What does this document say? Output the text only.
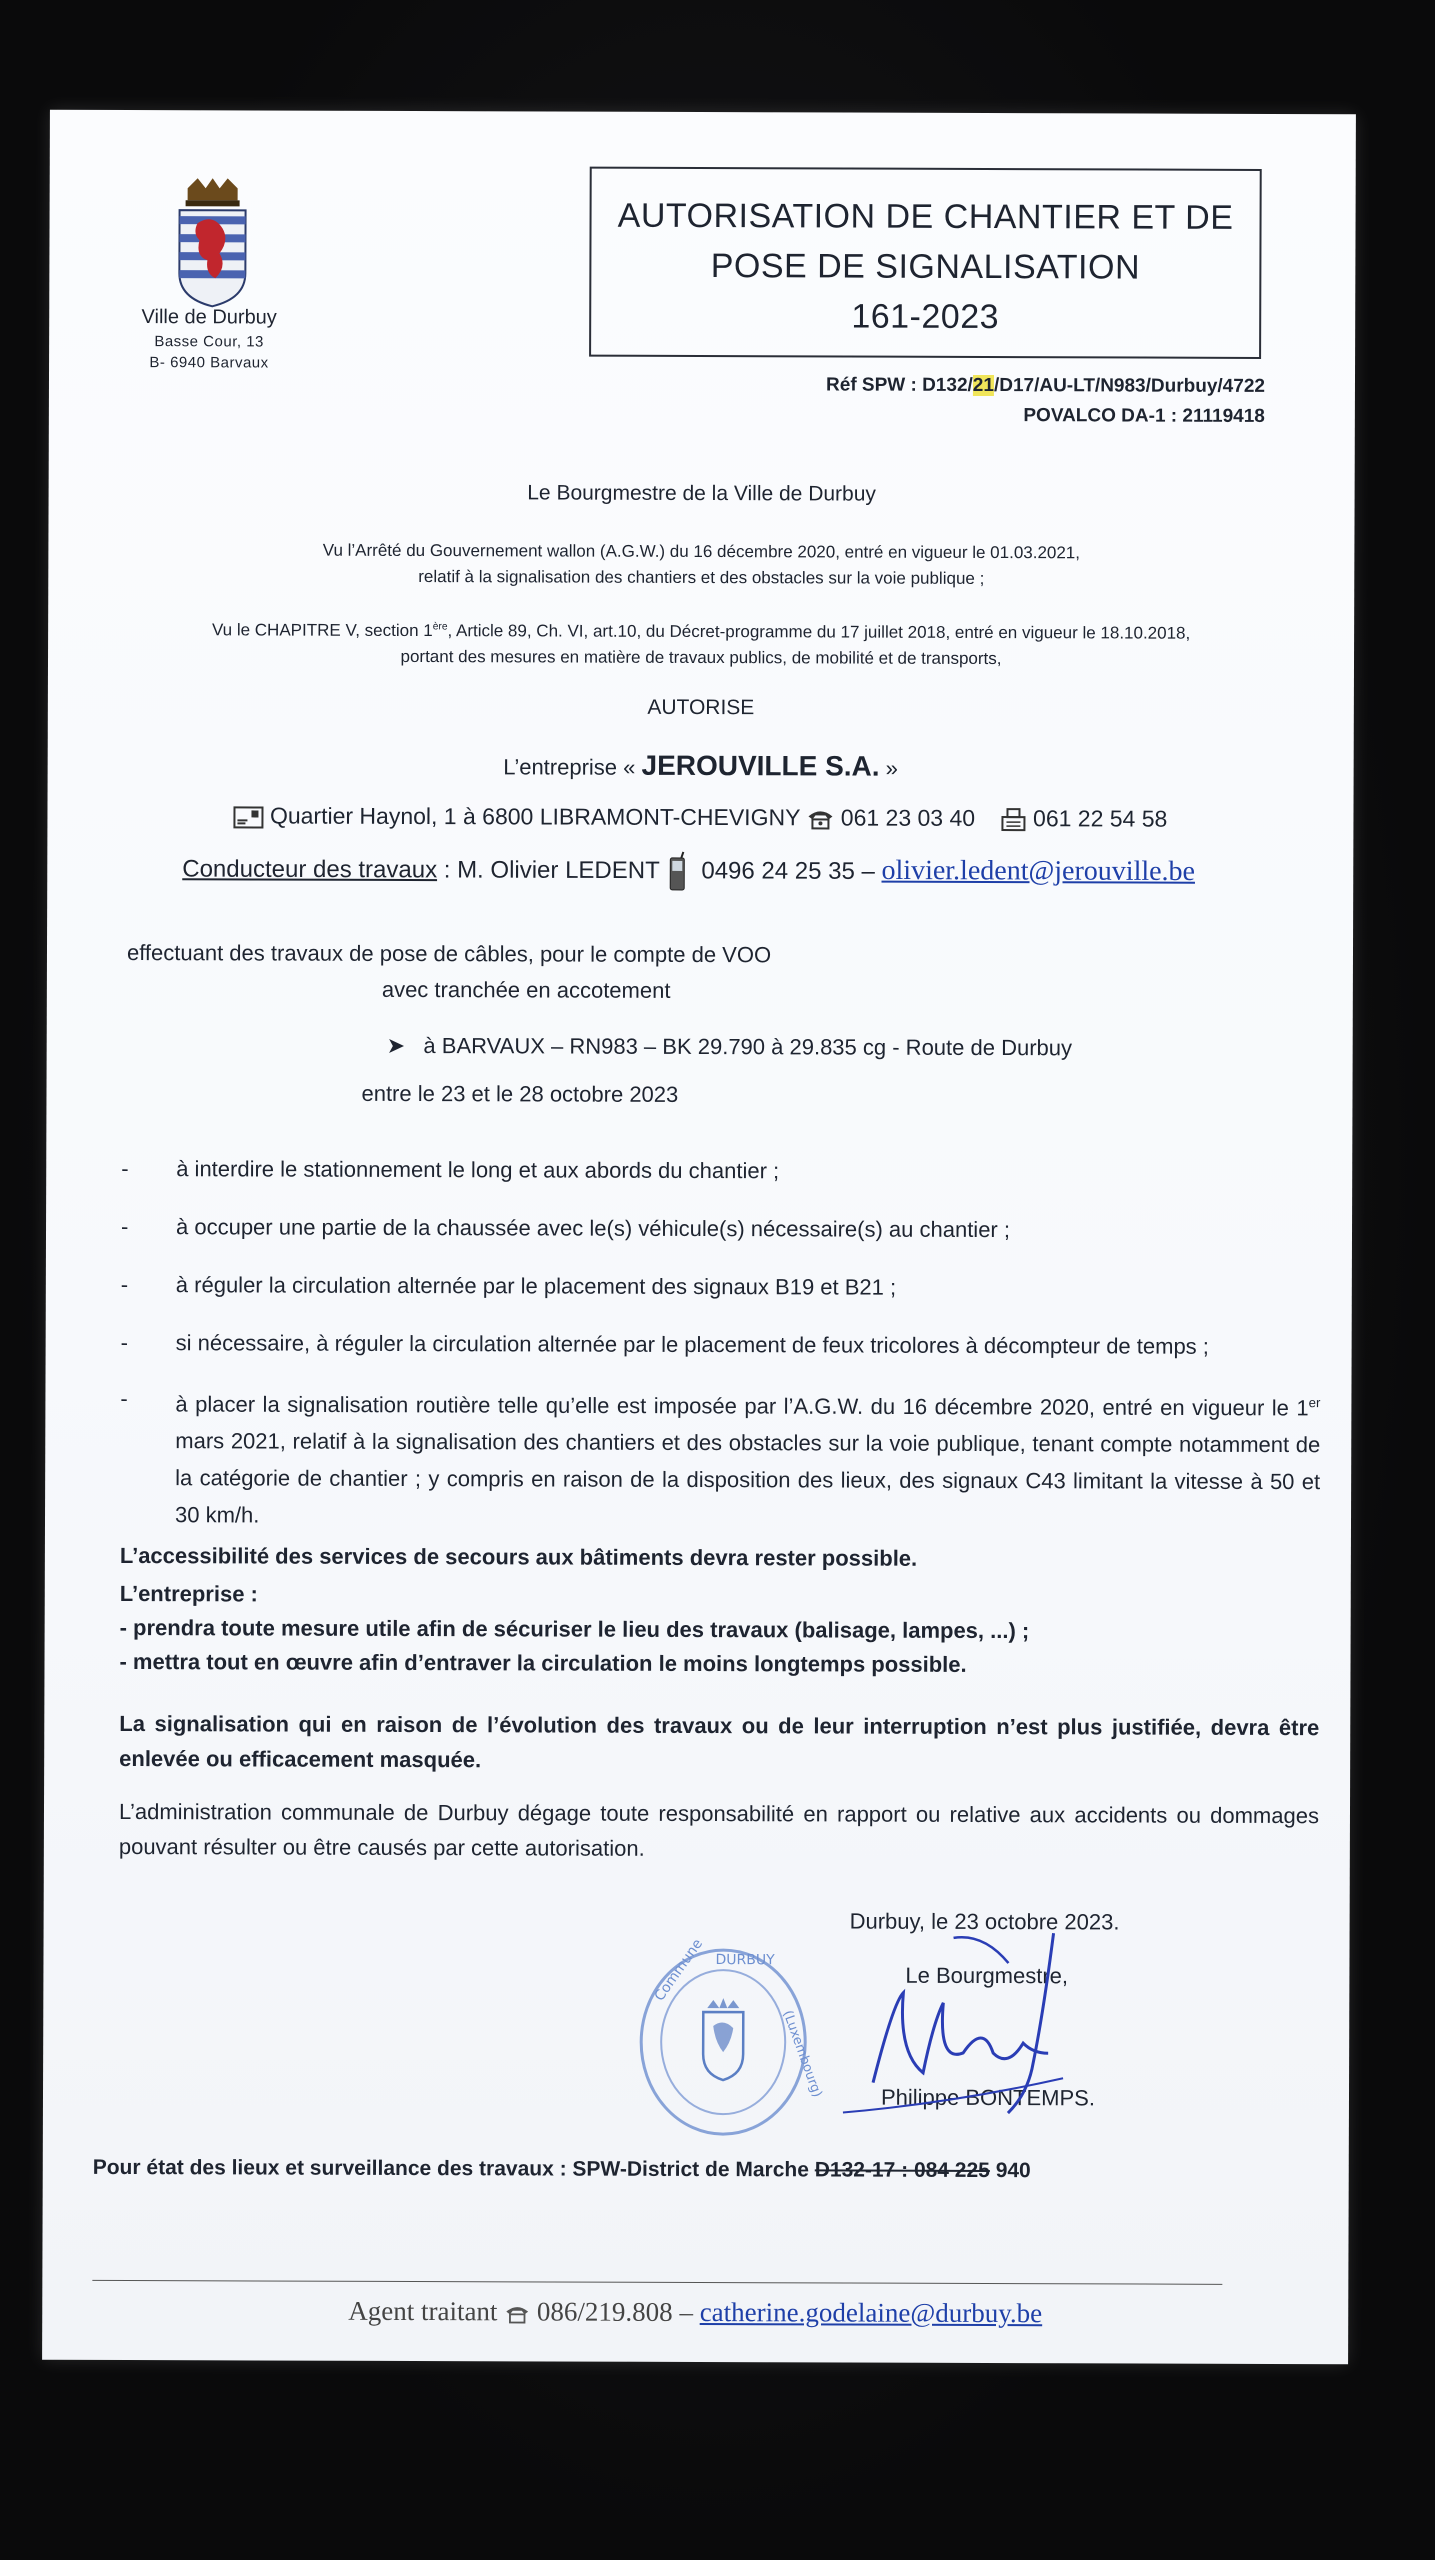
Ville de Durbuy
Basse Cour, 13
B- 6940 Barvaux
AUTORISATION DE CHANTIER ET DE
POSE DE SIGNALISATION
161-2023
Réf SPW : D132/21/D17/AU-LT/N983/Durbuy/4722
POVALCO DA-1 : 21119418
Le Bourgmestre de la Ville de Durbuy
Vu l’Arrêté du Gouvernement wallon (A.G.W.) du 16 décembre 2020, entré en vigueur le 01.03.2021,
relatif à la signalisation des chantiers et des obstacles sur la voie publique ;
Vu le CHAPITRE V, section 1ère, Article 89, Ch. VI, art.10, du Décret-programme du 17 juillet 2018, entré en vigueur le 18.10.2018,
portant des mesures en matière de travaux publics, de mobilité et de transports,
AUTORISE
L’entreprise « JEROUVILLE S.A. »
Quartier Haynol, 1 à 6800 LIBRAMONT-CHEVIGNY 061 23 03 40	061 22 54 58
Conducteur des travaux : M. Olivier LEDENT 0496 24 25 35 – olivier.ledent@jerouville.be
effectuant des travaux de pose de câbles, pour le compte de VOO
avec tranchée en accotement
➤ à BARVAUX – RN983 – BK 29.790 à 29.835 cg - Route de Durbuy
entre le 23 et le 28 octobre 2023
- à interdire le stationnement le long et aux abords du chantier ;
- à occuper une partie de la chaussée avec le(s) véhicule(s) nécessaire(s) au chantier ;
- à réguler la circulation alternée par le placement des signaux B19 et B21 ;
- si nécessaire, à réguler la circulation alternée par le placement de feux tricolores à décompteur de temps ;
- à placer la signalisation routière telle qu’elle est imposée par l’A.G.W. du 16 décembre 2020, entré en vigueur le 1er mars 2021, relatif à la signalisation des chantiers et des obstacles sur la voie publique, tenant compte notamment de la catégorie de chantier ; y compris en raison de la disposition des lieux, des signaux C43 limitant la vitesse à 50 et 30 km/h.
L’accessibilité des services de secours aux bâtiments devra rester possible.
L’entreprise :
- prendra toute mesure utile afin de sécuriser le lieu des travaux (balisage, lampes, ...) ;
- mettra tout en œuvre afin d’entraver la circulation le moins longtemps possible.
La signalisation qui en raison de l’évolution des travaux ou de leur interruption n’est plus justifiée, devra être enlevée ou efficacement masquée.
L’administration communale de Durbuy dégage toute responsabilité en rapport ou relative aux accidents ou dommages pouvant résulter ou être causés par cette autorisation.
Durbuy, le 23 octobre 2023.
Le Bourgmestre,
Philippe BONTEMPS.
Commune DURBUY
(Luxembourg)
Pour état des lieux et surveillance des travaux : SPW-District de Marche D132-17 : 084 225 940
Agent traitant  086/219.808 – catherine.godelaine@durbuy.be
